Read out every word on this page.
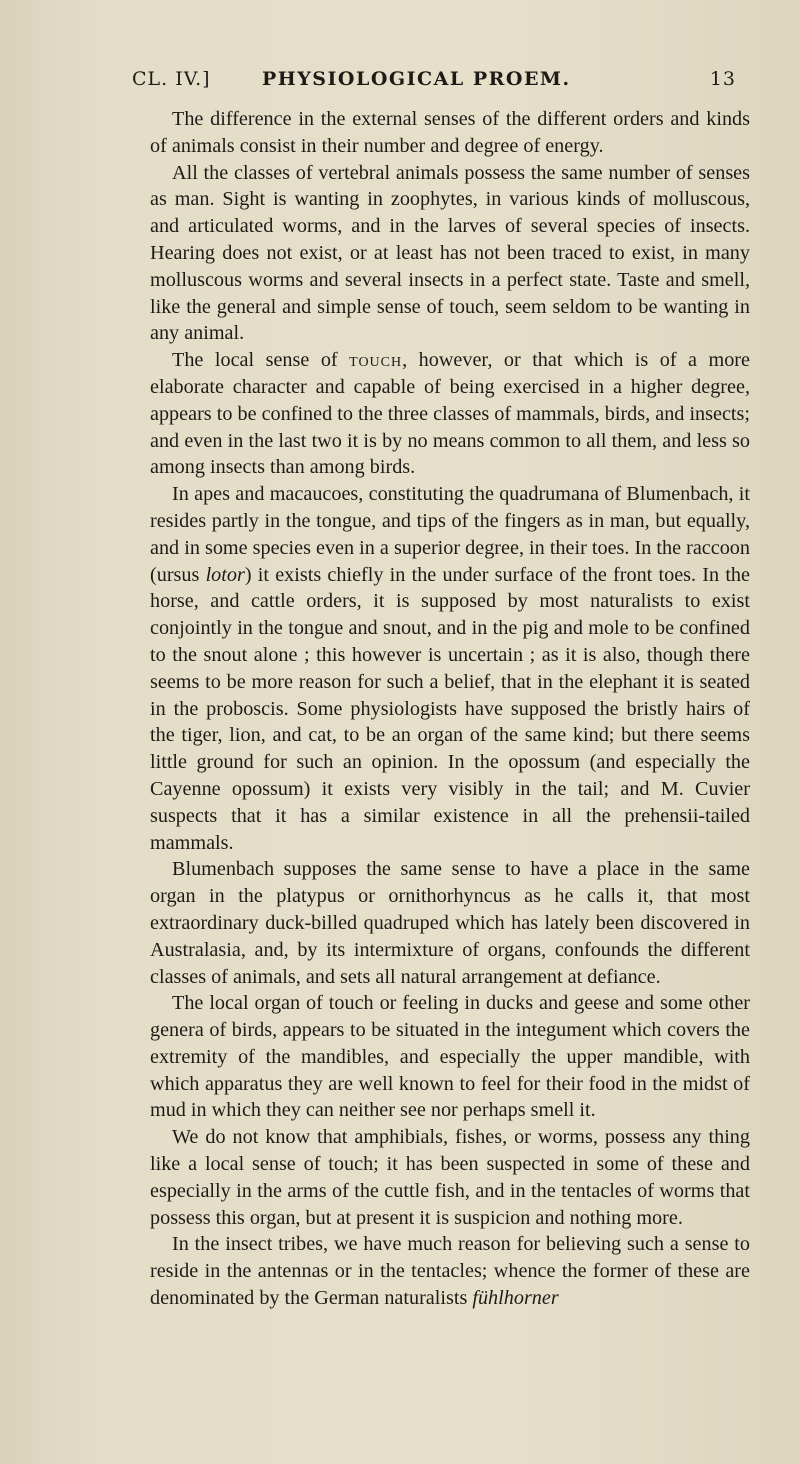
CL. IV.]	PHYSIOLOGICAL PROEM.	13

The difference in the external senses of the different orders and kinds of animals consist in their number and degree of energy.

All the classes of vertebral animals possess the same number of senses as man. Sight is wanting in zoophytes, in various kinds of molluscous, and articulated worms, and in the larves of several species of insects. Hearing does not exist, or at least has not been traced to exist, in many molluscous worms and several insects in a perfect state. Taste and smell, like the general and simple sense of touch, seem seldom to be wanting in any animal.

The local sense of touch, however, or that which is of a more elaborate character and capable of being exercised in a higher degree, appears to be confined to the three classes of mammals, birds, and insects; and even in the last two it is by no means common to all them, and less so among insects than among birds.

In apes and macaucoes, constituting the quadrumana of Blumenbach, it resides partly in the tongue, and tips of the fingers as in man, but equally, and in some species even in a superior degree, in their toes. In the raccoon (ursus lotor) it exists chiefly in the under surface of the front toes. In the horse, and cattle orders, it is supposed by most naturalists to exist conjointly in the tongue and snout, and in the pig and mole to be confined to the snout alone ; this however is uncertain ; as it is also, though there seems to be more reason for such a belief, that in the elephant it is seated in the proboscis. Some physiologists have supposed the bristly hairs of the tiger, lion, and cat, to be an organ of the same kind; but there seems little ground for such an opinion. In the opossum (and especially the Cayenne opossum) it exists very visibly in the tail; and M. Cuvier suspects that it has a similar existence in all the prehensii-tailed mammals.

Blumenbach supposes the same sense to have a place in the same organ in the platypus or ornithorhyncus as he calls it, that most extraordinary duck-billed quadruped which has lately been discovered in Australasia, and, by its intermixture of organs, confounds the different classes of animals, and sets all natural arrangement at defiance.

The local organ of touch or feeling in ducks and geese and some other genera of birds, appears to be situated in the integument which covers the extremity of the mandibles, and especially the upper mandible, with which apparatus they are well known to feel for their food in the midst of mud in which they can neither see nor perhaps smell it.

We do not know that amphibials, fishes, or worms, possess any thing like a local sense of touch; it has been suspected in some of these and especially in the arms of the cuttle fish, and in the tentacles of worms that possess this organ, but at present it is suspicion and nothing more.

In the insect tribes, we have much reason for believing such a sense to reside in the antennas or in the tentacles; whence the former of these are denominated by the German naturalists fühlhorner
